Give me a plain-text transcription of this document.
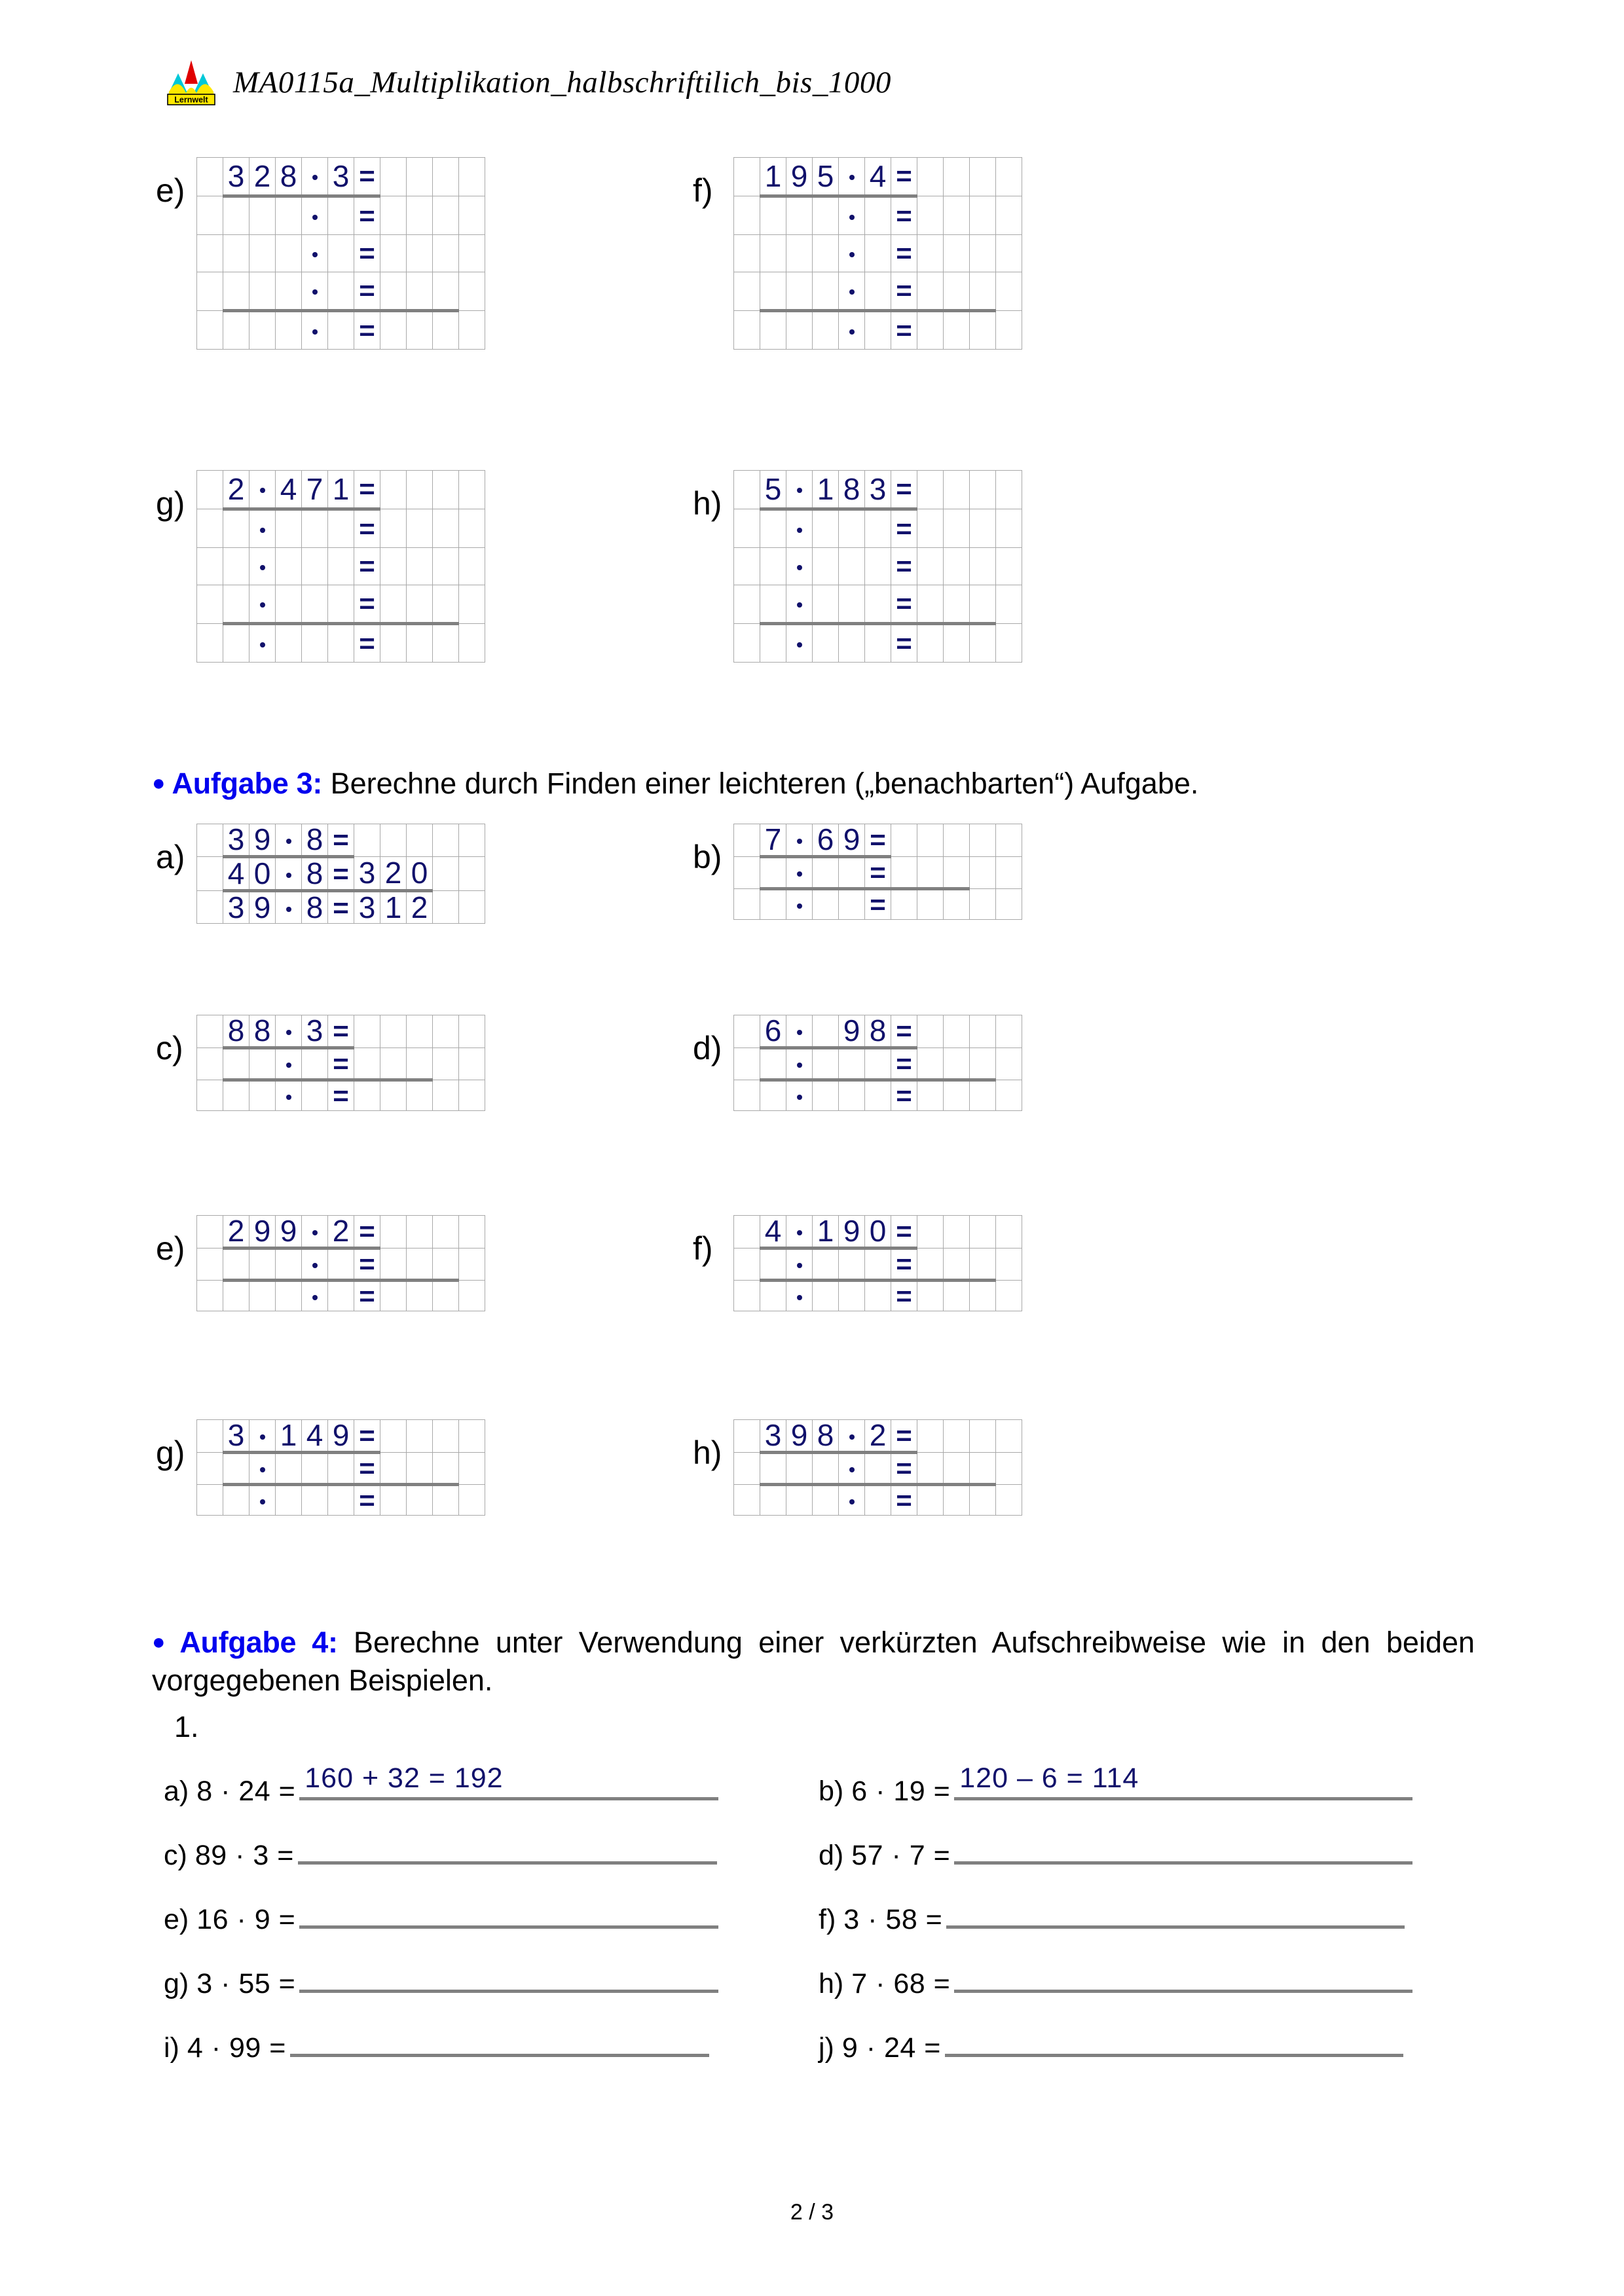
Lernwelt
MA0115a_Multiplikation_halbschriftilich_bis_1000
e)
		3	2	8		3	=				
						=				
						=				
						=				
						=				
f)
		1	9	5		4	=				
						=				
						=				
						=				
						=				
g)
		2		4	7	1	=				
						=				
						=				
						=				
						=				
h)
		5		1	8	3	=				
						=				
						=				
						=				
						=				
● Aufgabe 3: Berechne durch Finden einer leichteren („benachbarten“) Aufgabe.
a)
		3	9		8	=					
	4	0		8	=	3	2	0		
	3	9		8	=	3	1	2		
b)
		7		6	9	=					
					=					
					=					
c)
		8	8		3	=					
					=					
					=					
d)
		6			9	8	=				
						=				
						=				
e)
		2	9	9		2	=				
						=				
						=				
f)
		4		1	9	0	=				
						=				
						=				
g)
		3		1	4	9	=				
						=				
						=				
h)
		3	9	8		2	=				
						=				
						=				
● Aufgabe 4: Berechne unter Verwendung einer verkürzten Aufschreibweise wie in den beiden vorgegebenen Beispielen.
1.
a) 8 · 24 = 160 + 32 = 192	b) 6 · 19 = 120 – 6 = 114
c) 89 · 3 =	d) 57 · 7 =
e) 16 · 9 =	f) 3 · 58 =
g) 3 · 55 =	h) 7 · 68 =
i) 4 · 99 =	j) 9 · 24 =
2 / 3
